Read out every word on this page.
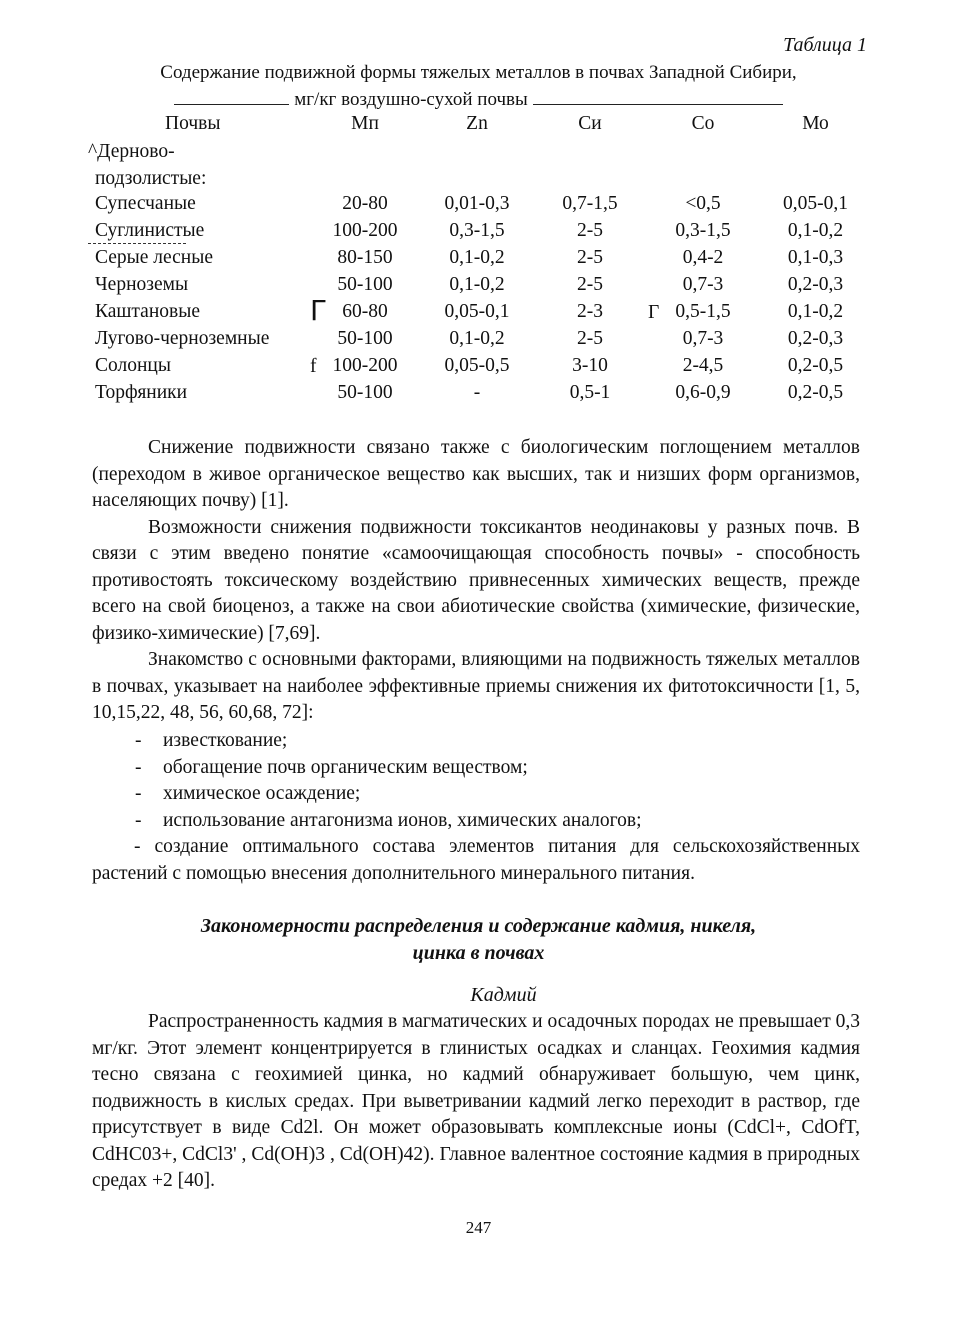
Таблица 1
Содержание подвижной формы тяжелых металлов в почвах Западной Сибири,
мг/кг воздушно-сухой почвы
Почвы	Мп	Zn	Си	Со	Мо
^Дерново-
подзолистые:
Супесчаные	20-80	0,01-0,3	0,7-1,5	<0,5	0,05-0,1
Суглинистые	100-200	0,3-1,5	2-5	0,3-1,5	0,1-0,2
Серые лесные	80-150	0,1-0,2	2-5	0,4-2	0,1-0,3
Черноземы	50-100	0,1-0,2	2-5	0,7-3	0,2-0,3
Каштановые	60-80	0,05-0,1	2-3	0,5-1,5	0,1-0,2
Лугово-черноземные	50-100	0,1-0,2	2-5	0,7-3	0,2-0,3
Солонцы	100-200	0,05-0,5	3-10	2-4,5	0,2-0,5
Торфяники	50-100	-	0,5-1	0,6-0,9	0,2-0,5
Г	Г
f

Снижение подвижности связано также с биологическим поглощением металлов (переходом в живое органическое вещество как высших, так и низших форм организмов, населяющих почву) [1].

Возможности снижения подвижности токсикантов неодинаковы у разных почв. В связи с этим введено понятие «самоочищающая способность почвы» - способность противостоять токсическому воздействию привнесенных химических веществ, прежде всего на свой биоценоз, а также на свои абиотические свойства (химические, физические, физико-химические) [7,69].

Знакомство с основными факторами, влияющими на подвижность тяжелых металлов в почвах, указывает на наиболее эффективные приемы снижения их фитотоксичности [1, 5, 10,15,22, 48, 56, 60,68, 72]:

- известкование;
- обогащение почв органическим веществом;
- химическое осаждение;
- использование антагонизма ионов, химических аналогов;
- создание оптимального состава элементов питания для сельскохозяйственных растений с помощью внесения дополнительного минерального питания.
Закономерности распределения и содержание кадмия, никеля,
цинка в почвах
Кадмий

Распространенность кадмия в магматических и осадочных породах не превышает 0,3 мг/кг. Этот элемент концентрируется в глинистых осадках и сланцах. Геохимия кадмия тесно связана с геохимией цинка, но кадмий обнаруживает большую, чем цинк, подвижность в кислых средах. При выветривании кадмий легко переходит в раствор, где присутствует в виде Cd2l. Он может образовывать комплексные ионы (CdCl+, CdOfT, CdHC03+, CdCl3' , Cd(OH)3 , Cd(OH)42). Главное валентное состояние кадмия в природных средах +2 [40].

247
